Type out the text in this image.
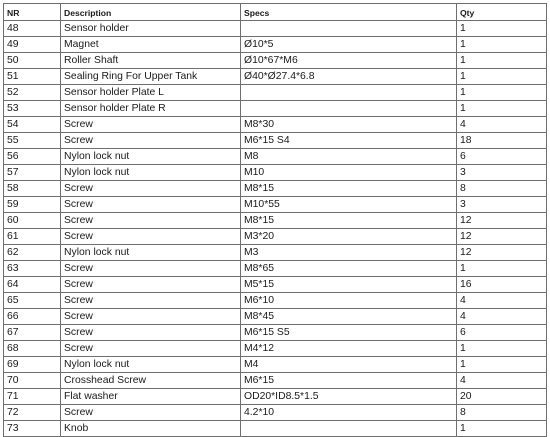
NR	Description	Specs	Qty
48	Sensor holder		1
49	Magnet	Ø10*5	1
50	Roller Shaft	Ø10*67*M6	1
51	Sealing Ring For Upper Tank	Ø40*Ø27.4*6.8	1
52	Sensor holder Plate L		1
53	Sensor holder Plate R		1
54	Screw	M8*30	4
55	Screw	M6*15 S4	18
56	Nylon lock nut	M8	6
57	Nylon lock nut	M10	3
58	Screw	M8*15	8
59	Screw	M10*55	3
60	Screw	M8*15	12
61	Screw	M3*20	12
62	Nylon lock nut	M3	12
63	Screw	M8*65	1
64	Screw	M5*15	16
65	Screw	M6*10	4
66	Screw	M8*45	4
67	Screw	M6*15 S5	6
68	Screw	M4*12	1
69	Nylon lock nut	M4	1
70	Crosshead Screw	M6*15	4
71	Flat washer	OD20*ID8.5*1.5	20
72	Screw	4.2*10	8
73	Knob		1
